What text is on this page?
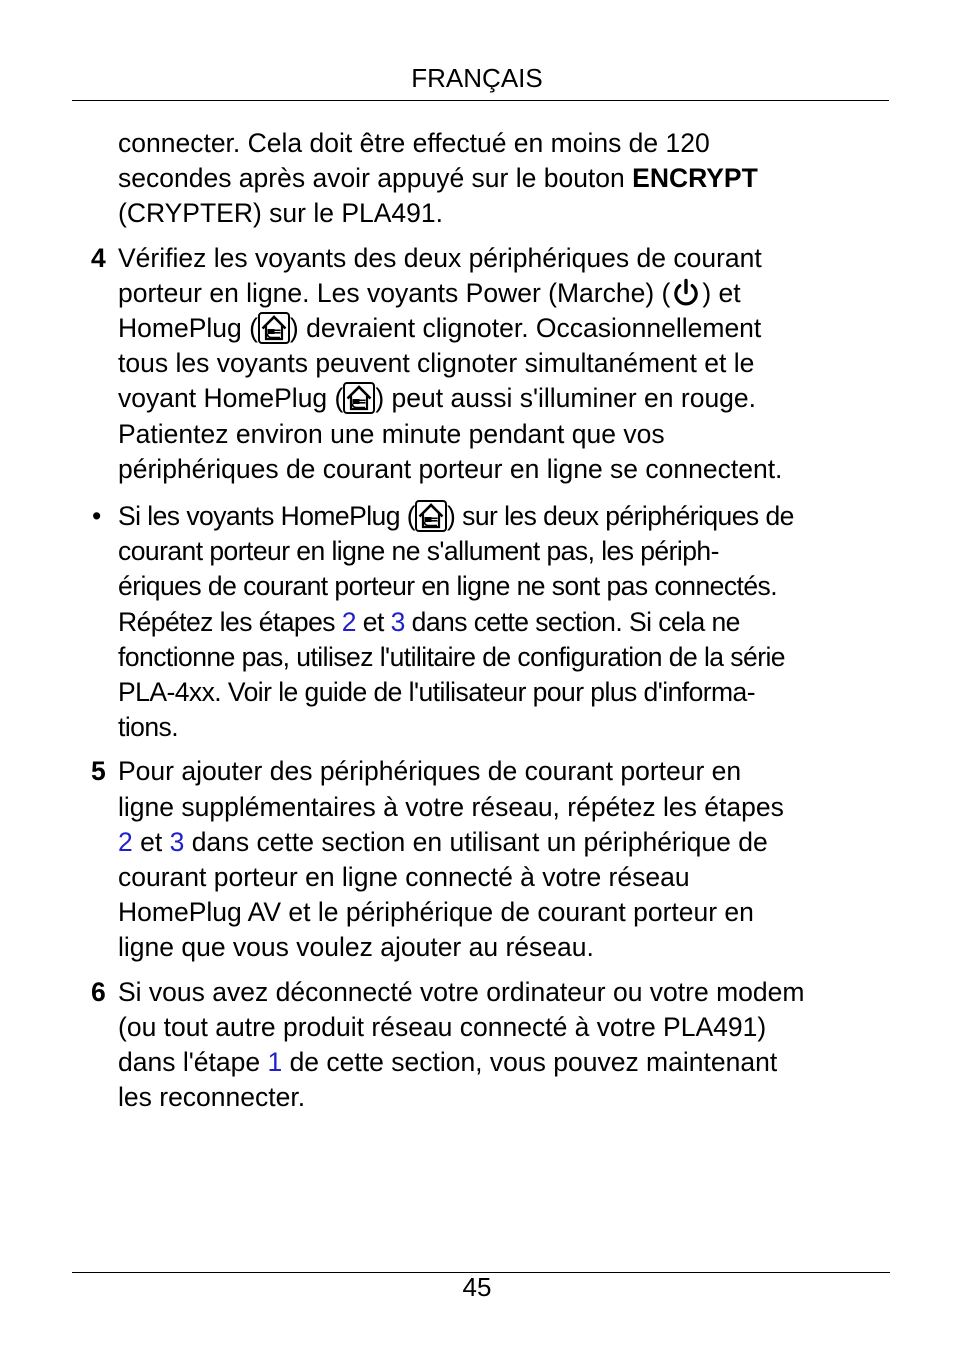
FRANÇAIS
connecter. Cela doit être effectué en moins de 120
secondes après avoir appuyé sur le bouton ENCRYPT
(CRYPTER) sur le PLA491.
4 Vérifiez les voyants des deux périphériques de courant
porteur en ligne. Les voyants Power (Marche) ( ) et
HomePlug ( ) devraient clignoter. Occasionnellement
tous les voyants peuvent clignoter simultanément et le
voyant HomePlug ( ) peut aussi s'illuminer en rouge.
Patientez environ une minute pendant que vos
périphériques de courant porteur en ligne se connectent.
• Si les voyants HomePlug ( ) sur les deux périphériques de
courant porteur en ligne ne s'allument pas, les périph-
ériques de courant porteur en ligne ne sont pas connectés.
Répétez les étapes 2 et 3 dans cette section. Si cela ne
fonctionne pas, utilisez l'utilitaire de configuration de la série
PLA-4xx. Voir le guide de l'utilisateur pour plus d'informa-
tions.
5 Pour ajouter des périphériques de courant porteur en
ligne supplémentaires à votre réseau, répétez les étapes
2 et 3 dans cette section en utilisant un périphérique de
courant porteur en ligne connecté à votre réseau
HomePlug AV et le périphérique de courant porteur en
ligne que vous voulez ajouter au réseau.
6 Si vous avez déconnecté votre ordinateur ou votre modem
(ou tout autre produit réseau connecté à votre PLA491)
dans l'étape 1 de cette section, vous pouvez maintenant
les reconnecter.
45
